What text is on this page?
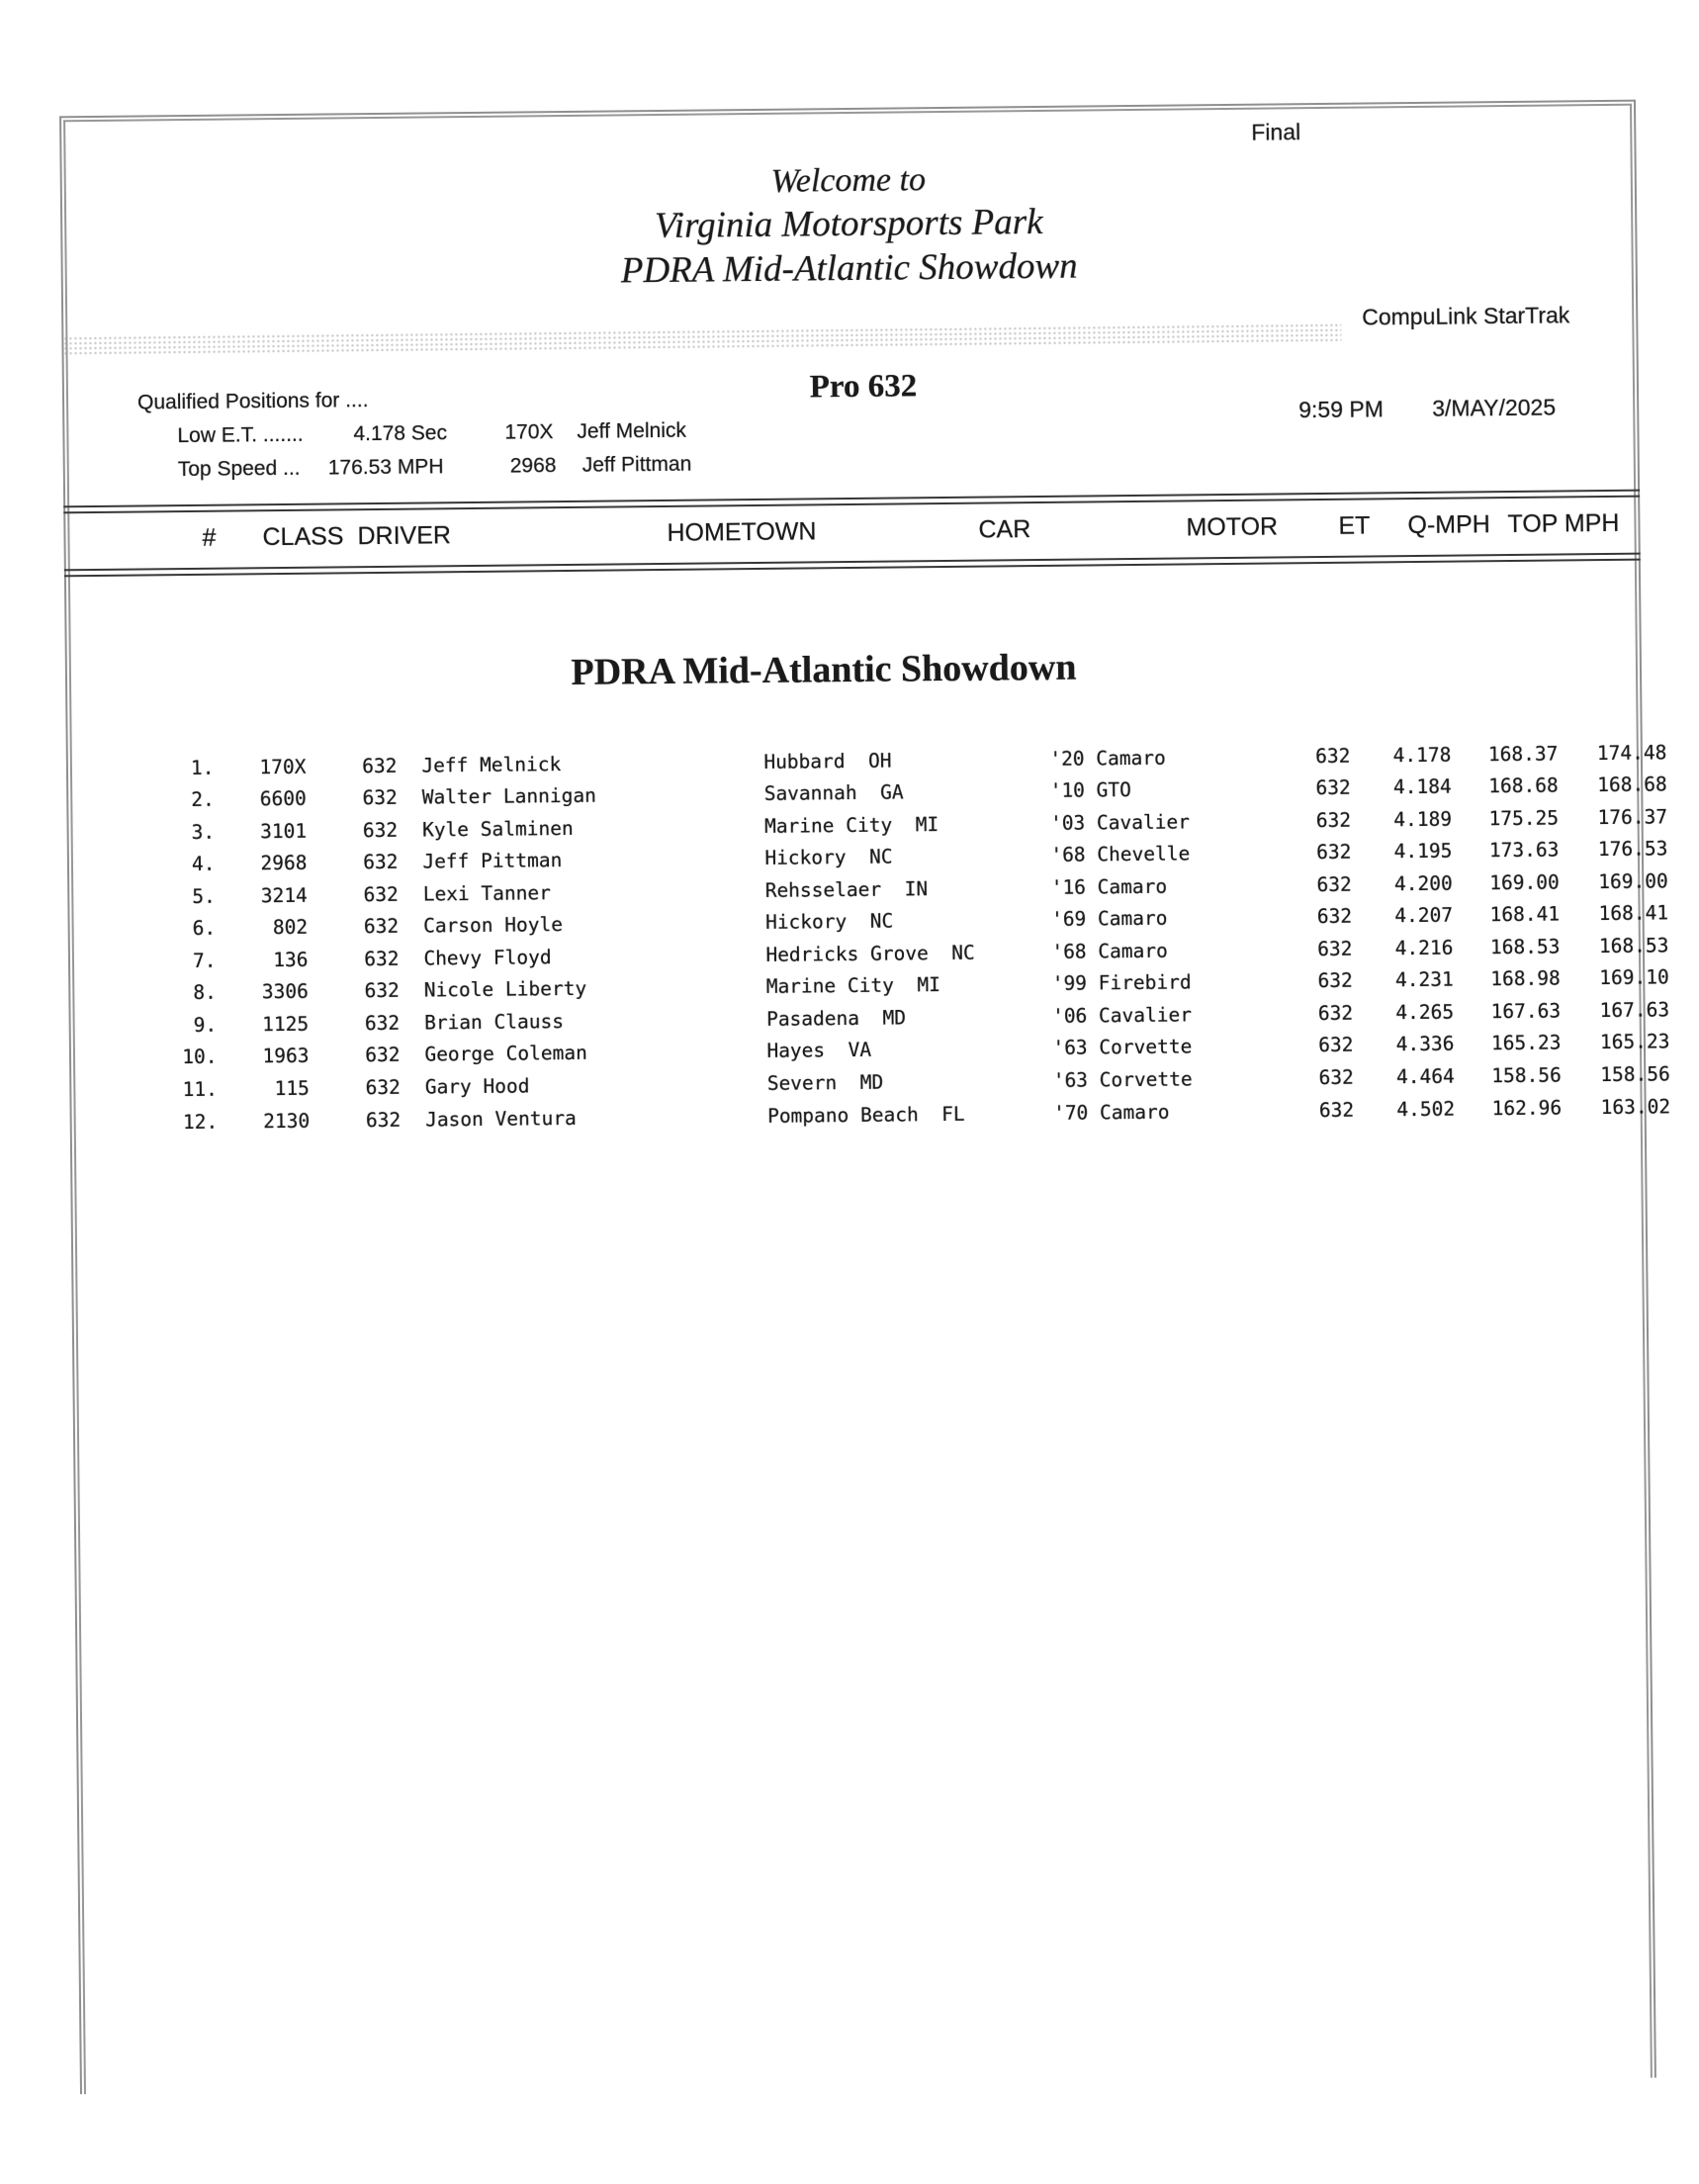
Final
Welcome to
Virginia Motorsports Park
PDRA Mid-Atlantic Showdown
CompuLink StarTrak
Qualified Positions for ....
Low E.T. ....... 4.178 Sec	170X Jeff Melnick
Top Speed ... 176.53 MPH	2968 Jeff Pittman
Pro 632
9:59 PM 3/MAY/2025
# CLASS DRIVER	HOMETOWN	CAR	MOTOR ET Q-MPH TOP MPH
PDRA Mid-Atlantic Showdown

1. 170X	632 Jeff Melnick	Hubbard  OH	'20 Camaro	632 4.178 168.37 174.48

2. 6600	632 Walter Lannigan	Savannah  GA	'10 GTO	632 4.184 168.68 168.68

3. 3101	632 Kyle Salminen	Marine City  MI	'03 Cavalier	632 4.189 175.25 176.37

4. 2968	632 Jeff Pittman	Hickory  NC	'68 Chevelle	632 4.195 173.63 176.53

5. 3214	632 Lexi Tanner	Rehsselaer  IN	'16 Camaro	632 4.200 169.00 169.00

6.	802	632 Carson Hoyle	Hickory  NC	'69 Camaro	632 4.207 168.41 168.41

7.	136	632 Chevy Floyd	Hedricks Grove  NC	'68 Camaro	632 4.216 168.53 168.53

8. 3306	632 Nicole Liberty	Marine City  MI	'99 Firebird	632 4.231 168.98 169.10

9. 1125	632 Brian Clauss	Pasadena  MD	'06 Cavalier	632 4.265 167.63 167.63

10. 1963	632 George Coleman	Hayes  VA	'63 Corvette	632 4.336 165.23 165.23

11.	115	632 Gary Hood	Severn  MD	'63 Corvette	632 4.464 158.56 158.56

12. 2130	632 Jason Ventura	Pompano Beach  FL	'70 Camaro	632 4.502 162.96 163.02
